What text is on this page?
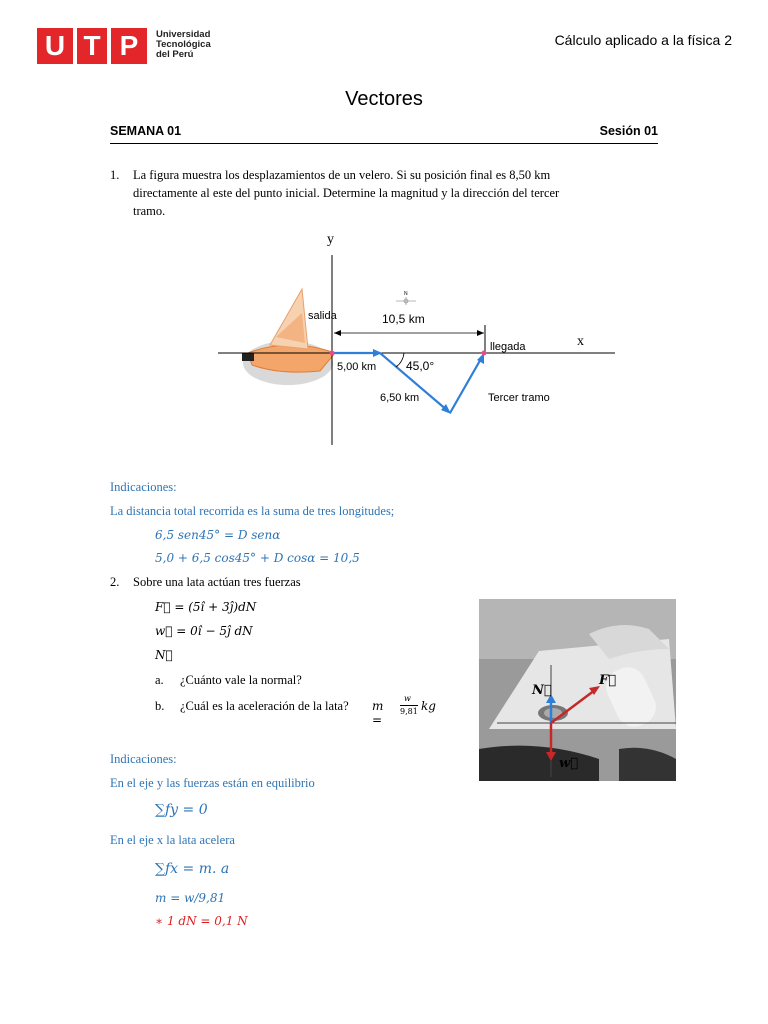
U T P	Universidad
Tecnológica
del Perú
Cálculo aplicado a la física 2
Vectores
SEMANA 01	Sesión 01
1. La figura muestra los desplazamientos de un velero. Si su posición final es 8,50 km
directamente al este del punto inicial. Determine la magnitud y la dirección del tercer
tramo.
y
x
N
10,5 km
salida
llegada
45,0°
5,00 km
6,50 km	Tercer tramo
Indicaciones:
La distancia total recorrida es la suma de tres longitudes;
6,5 sen45° = D senα
5,0 + 6,5 cos45° + D cosα = 10,5
2. Sobre una lata actúan tres fuerzas
F⃗ = (5î + 3ĵ)dN
w⃗ = 0î − 5ĵ dN
N⃗
a. ¿Cuánto vale la normal?
b. ¿Cuál es la aceleración de la lata? m =
w
9,81 kg
N⃗
F⃗
w⃗
Indicaciones:
En el eje y las fuerzas están en equilibrio
∑fy = 0
En el eje x la lata acelera
∑fx = m. a
m = w/9,81
∗ 1 dN = 0,1 N
